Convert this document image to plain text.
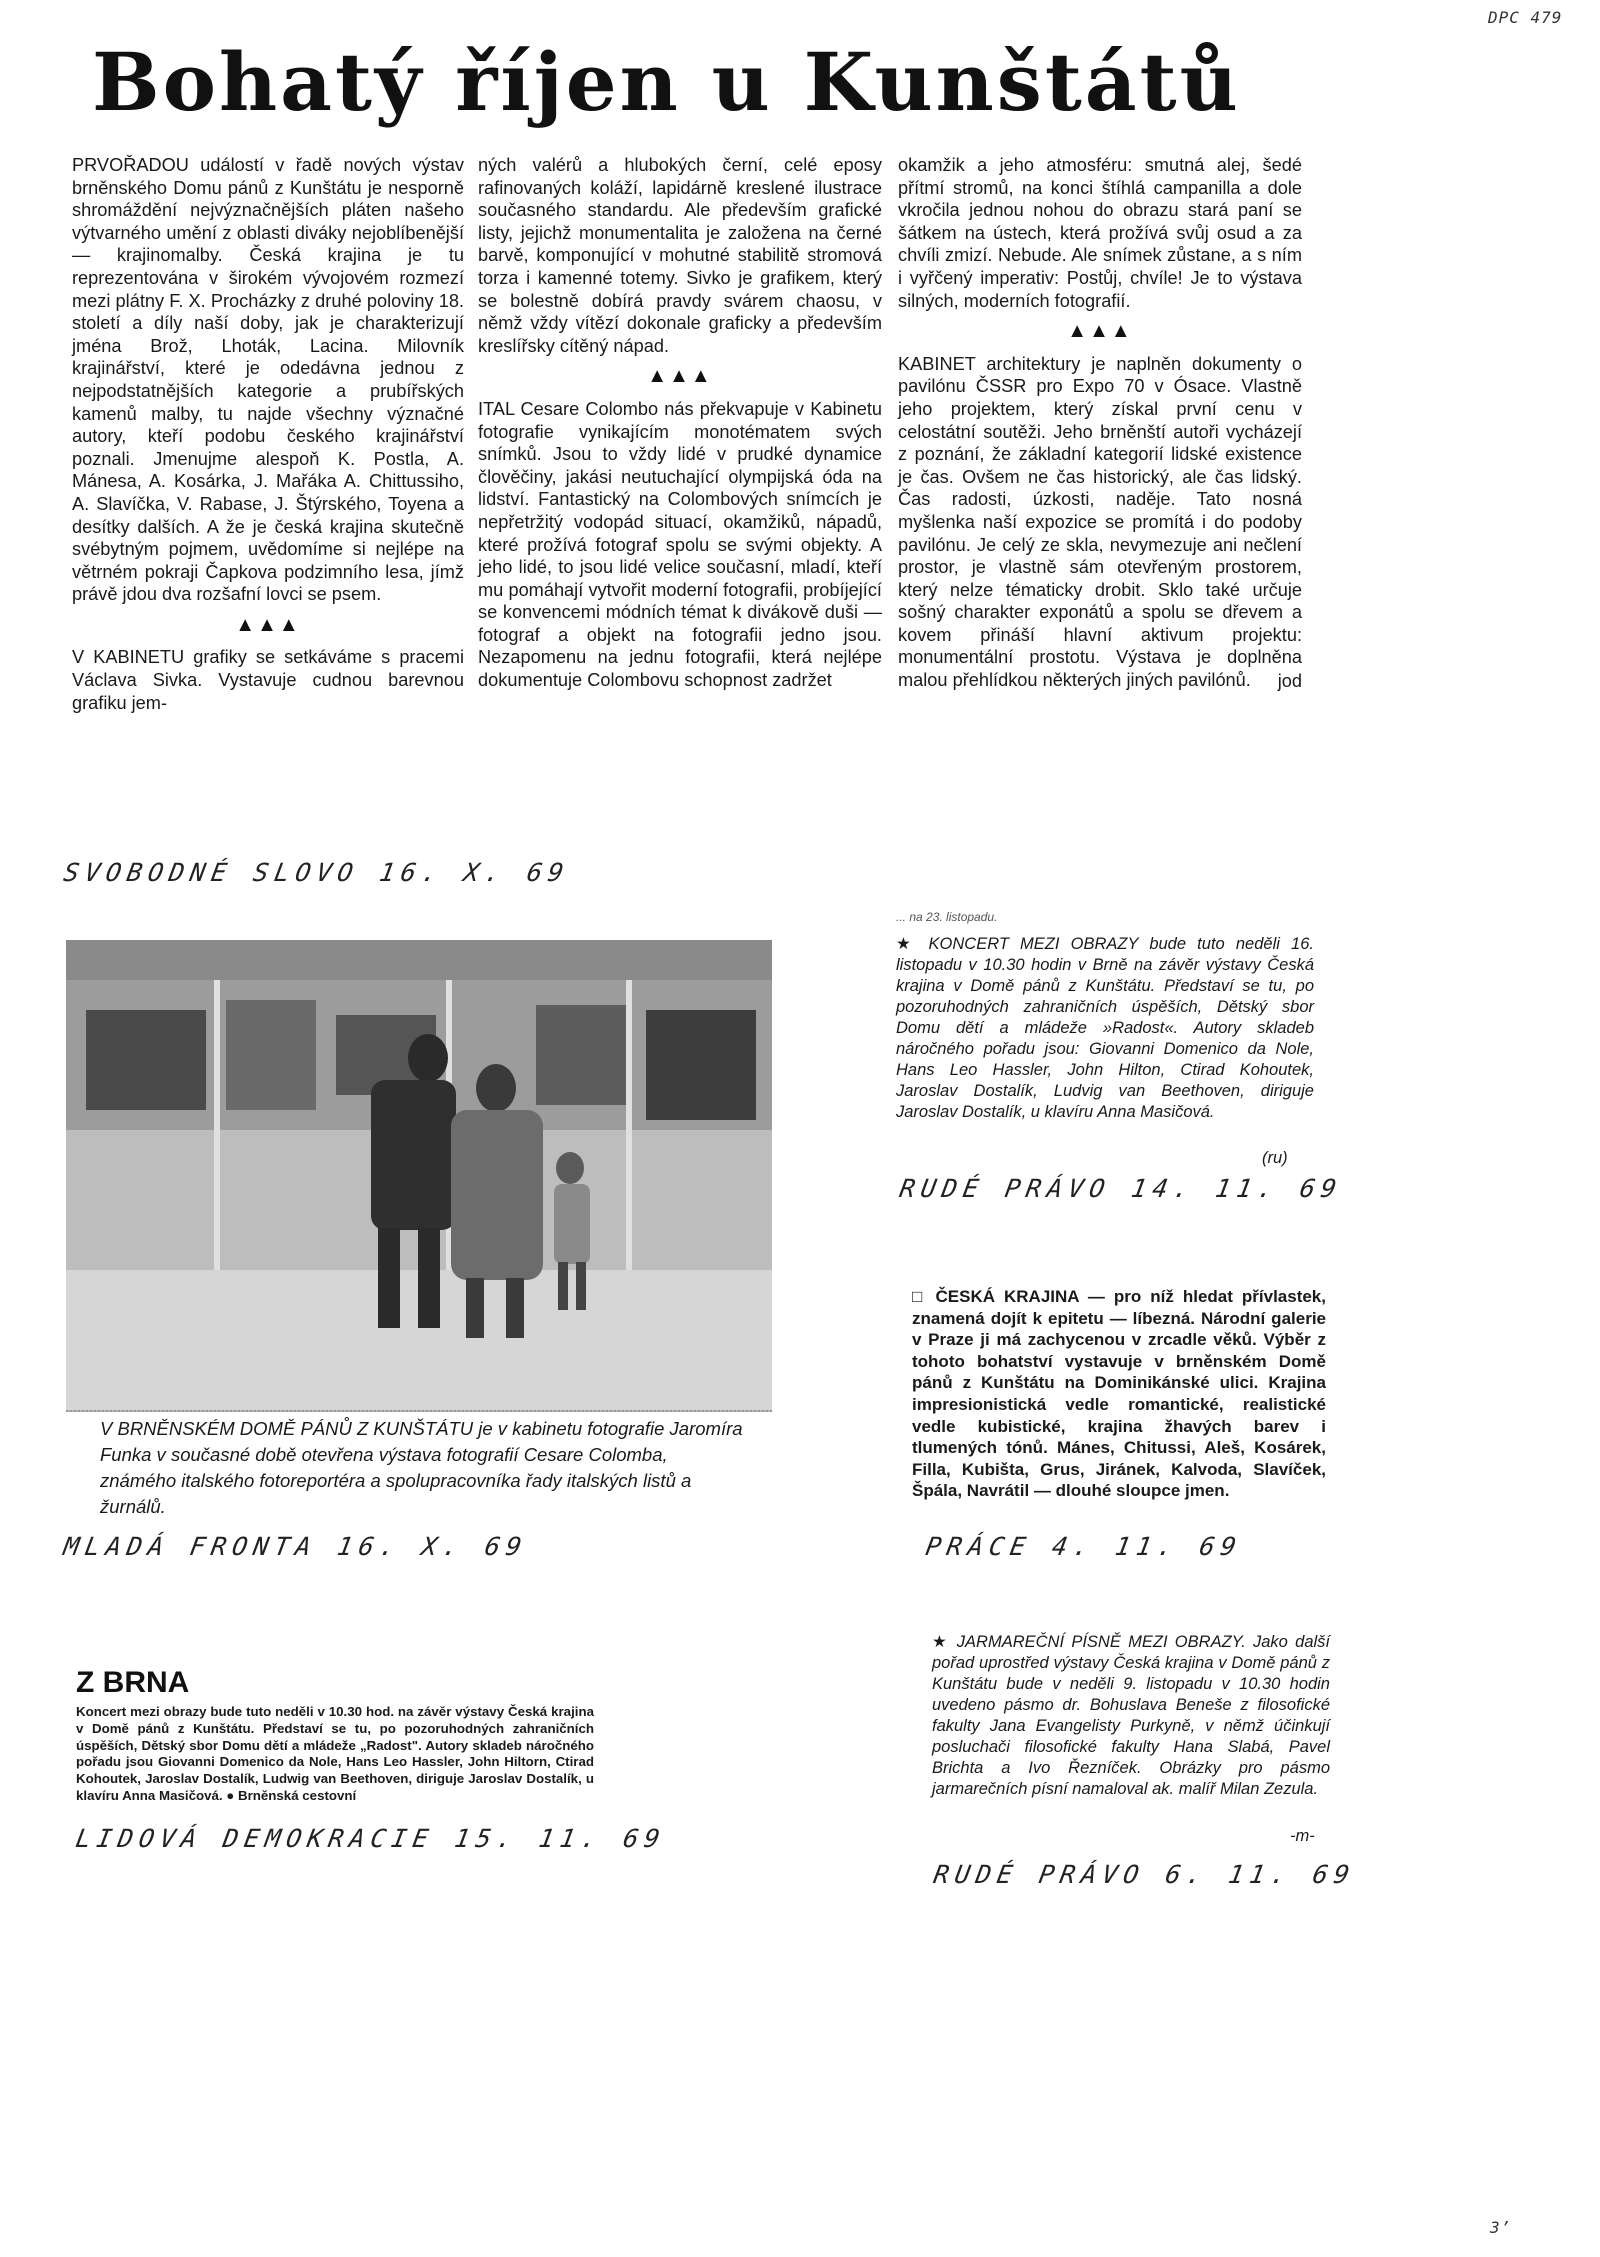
DPC 479
3’
Bohatý říjen u Kunštátů

PRVOŘADOU událostí v řadě nových výstav brněnského Domu pánů z Kunštátu je nesporně shromáždění nejvýznačnějších pláten našeho výtvarného umění z oblasti diváky nejoblíbenější — krajinomalby. Česká krajina je tu reprezentována v širokém vývojovém rozmezí mezi plátny F. X. Procházky z druhé poloviny 18. století a díly naší doby, jak je charakterizují jména Brož, Lhoták, Lacina. Milovník krajinářství, které je odedávna jednou z nejpodstatnějších kategorie a prubířských kamenů malby, tu najde všechny význačné autory, kteří podobu českého krajinářství poznali. Jmenujme alespoň K. Postla, A. Mánesa, A. Kosárka, J. Mařáka A. Chittussiho, A. Slavíčka, V. Rabase, J. Štýrského, Toyena a desítky dalších. A že je česká krajina skutečně svébytným pojmem, uvědomíme si nejlépe na větrném pokraji Čapkova podzimního lesa, jímž právě jdou dva rozšafní lovci se psem.

▲▲▲

V KABINETU grafiky se setkáváme s pracemi Václava Sivka. Vystavuje cudnou barevnou grafiku jem-

ných valérů a hlubokých černí, celé eposy rafinovaných koláží, lapidárně kreslené ilustrace současného standardu. Ale především grafické listy, jejichž monumentalita je založena na černé barvě, komponující v mohutné stabilitě stromová torza i kamenné totemy. Sivko je grafikem, který se bolestně dobírá pravdy svárem chaosu, v němž vždy vítězí dokonale graficky a především kreslířsky cítěný nápad.

▲▲▲

ITAL Cesare Colombo nás překvapuje v Kabinetu fotografie vynikajícím monotématem svých snímků. Jsou to vždy lidé v prudké dynamice člověčiny, jakási neutuchající olympijská óda na lidství. Fantastický na Colombových snímcích je nepřetržitý vodopád situací, okamžiků, nápadů, které prožívá fotograf spolu se svými objekty. A jeho lidé, to jsou lidé velice současní, mladí, kteří mu pomáhají vytvořit moderní fotografii, probíjející se konvencemi módních témat k divákově duši — fotograf a objekt na fotografii jedno jsou. Nezapomenu na jednu fotografii, která nejlépe dokumentuje Colombovu schopnost zadržet

okamžik a jeho atmosféru: smutná alej, šedé přítmí stromů, na konci štíhlá campanilla a dole vkročila jednou nohou do obrazu stará paní se šátkem na ústech, která prožívá svůj osud a za chvíli zmizí. Nebude. Ale snímek zůstane, a s ním i vyřčený imperativ: Postůj, chvíle! Je to výstava silných, moderních fotografií.

▲▲▲

KABINET architektury je naplněn dokumenty o pavilónu ČSSR pro Expo 70 v Ósace. Vlastně jeho projektem, který získal první cenu v celostátní soutěži. Jeho brněnští autoři vycházejí z poznání, že základní kategorií lidské existence je čas. Ovšem ne čas historický, ale čas lidský. Čas radosti, úzkosti, naděje. Tato nosná myšlenka naší expozice se promítá i do podoby pavilónu. Je celý ze skla, nevymezuje ani nečlení prostor, je vlastně sám otevřeným prostorem, který nelze tématicky drobit. Sklo také určuje sošný charakter exponátů a spolu se dřevem a kovem přináší hlavní aktivum projektu: monumentální prostotu. Výstava je doplněna malou přehlídkou některých jiných pavilónů.	jod
SVOBODNÉ SLOVO 16. X. 69
V BRNĚNSKÉM DOMĚ PÁNŮ Z KUNŠTÁTU je v kabinetu fotografie Jaromíra Funka v současné době otevřena výstava fotografií Cesare Colomba, známého italského fotoreportéra a spolupracovníka řady italských listů a žurnálů.
MLADÁ FRONTA 16. X. 69
... na 23. listopadu.
★ KONCERT MEZI OBRAZY bude tuto neděli 16. listopadu v 10.30 hodin v Brně na závěr výstavy Česká krajina v Domě pánů z Kunštátu. Představí se tu, po pozoruhodných zahraničních úspěších, Dětský sbor Domu dětí a mládeže »Radost«. Autory skladeb náročného pořadu jsou: Giovanni Domenico da Nole, Hans Leo Hassler, John Hilton, Ctirad Kohoutek, Jaroslav Dostalík, Ludvig van Beethoven, diriguje Jaroslav Dostalík, u klavíru Anna Masičová.
(ru)
RUDÉ PRÁVO 14. 11. 69
□ ČESKÁ KRAJINA — pro níž hledat přívlastek, znamená dojít k epitetu — líbezná. Národní galerie v Praze ji má zachycenou v zrcadle věků. Výběr z tohoto bohatství vystavuje v brněnském Domě pánů z Kunštátu na Dominikánské ulici. Krajina impresionistická vedle romantické, realistické vedle kubistické, krajina žhavých barev i tlumených tónů. Mánes, Chitussi, Aleš, Kosárek, Filla, Kubišta, Grus, Jiránek, Kalvoda, Slavíček, Špála, Navrátil — dlouhé sloupce jmen.
PRÁCE 4. 11. 69
Z BRNA
Koncert mezi obrazy bude tuto neděli v 10.30 hod. na závěr výstavy Česká krajina v Domě pánů z Kunštátu. Představí se tu, po pozoruhodných zahraničních úspěších, Dětský sbor Domu dětí a mládeže „Radost". Autory skladeb náročného pořadu jsou Giovanni Domenico da Nole, Hans Leo Hassler, John Hiltorn, Ctirad Kohoutek, Jaroslav Dostalík, Ludwig van Beethoven, diriguje Jaroslav Dostalík, u klavíru Anna Masičová. ● Brněnská cestovní
LIDOVÁ DEMOKRACIE 15. 11. 69
★ JARMAREČNÍ PÍSNĚ MEZI OBRAZY. Jako další pořad uprostřed výstavy Česká krajina v Domě pánů z Kunštátu bude v neděli 9. listopadu v 10.30 hodin uvedeno pásmo dr. Bohuslava Beneše z filosofické fakulty Jana Evangelisty Purkyně, v němž účinkují posluchači filosofické fakulty Hana Slabá, Pavel Brichta a Ivo Řezníček. Obrázky pro pásmo jarmarečních písní namaloval ak. malíř Milan Zezula.
-m-
RUDÉ PRÁVO 6. 11. 69
